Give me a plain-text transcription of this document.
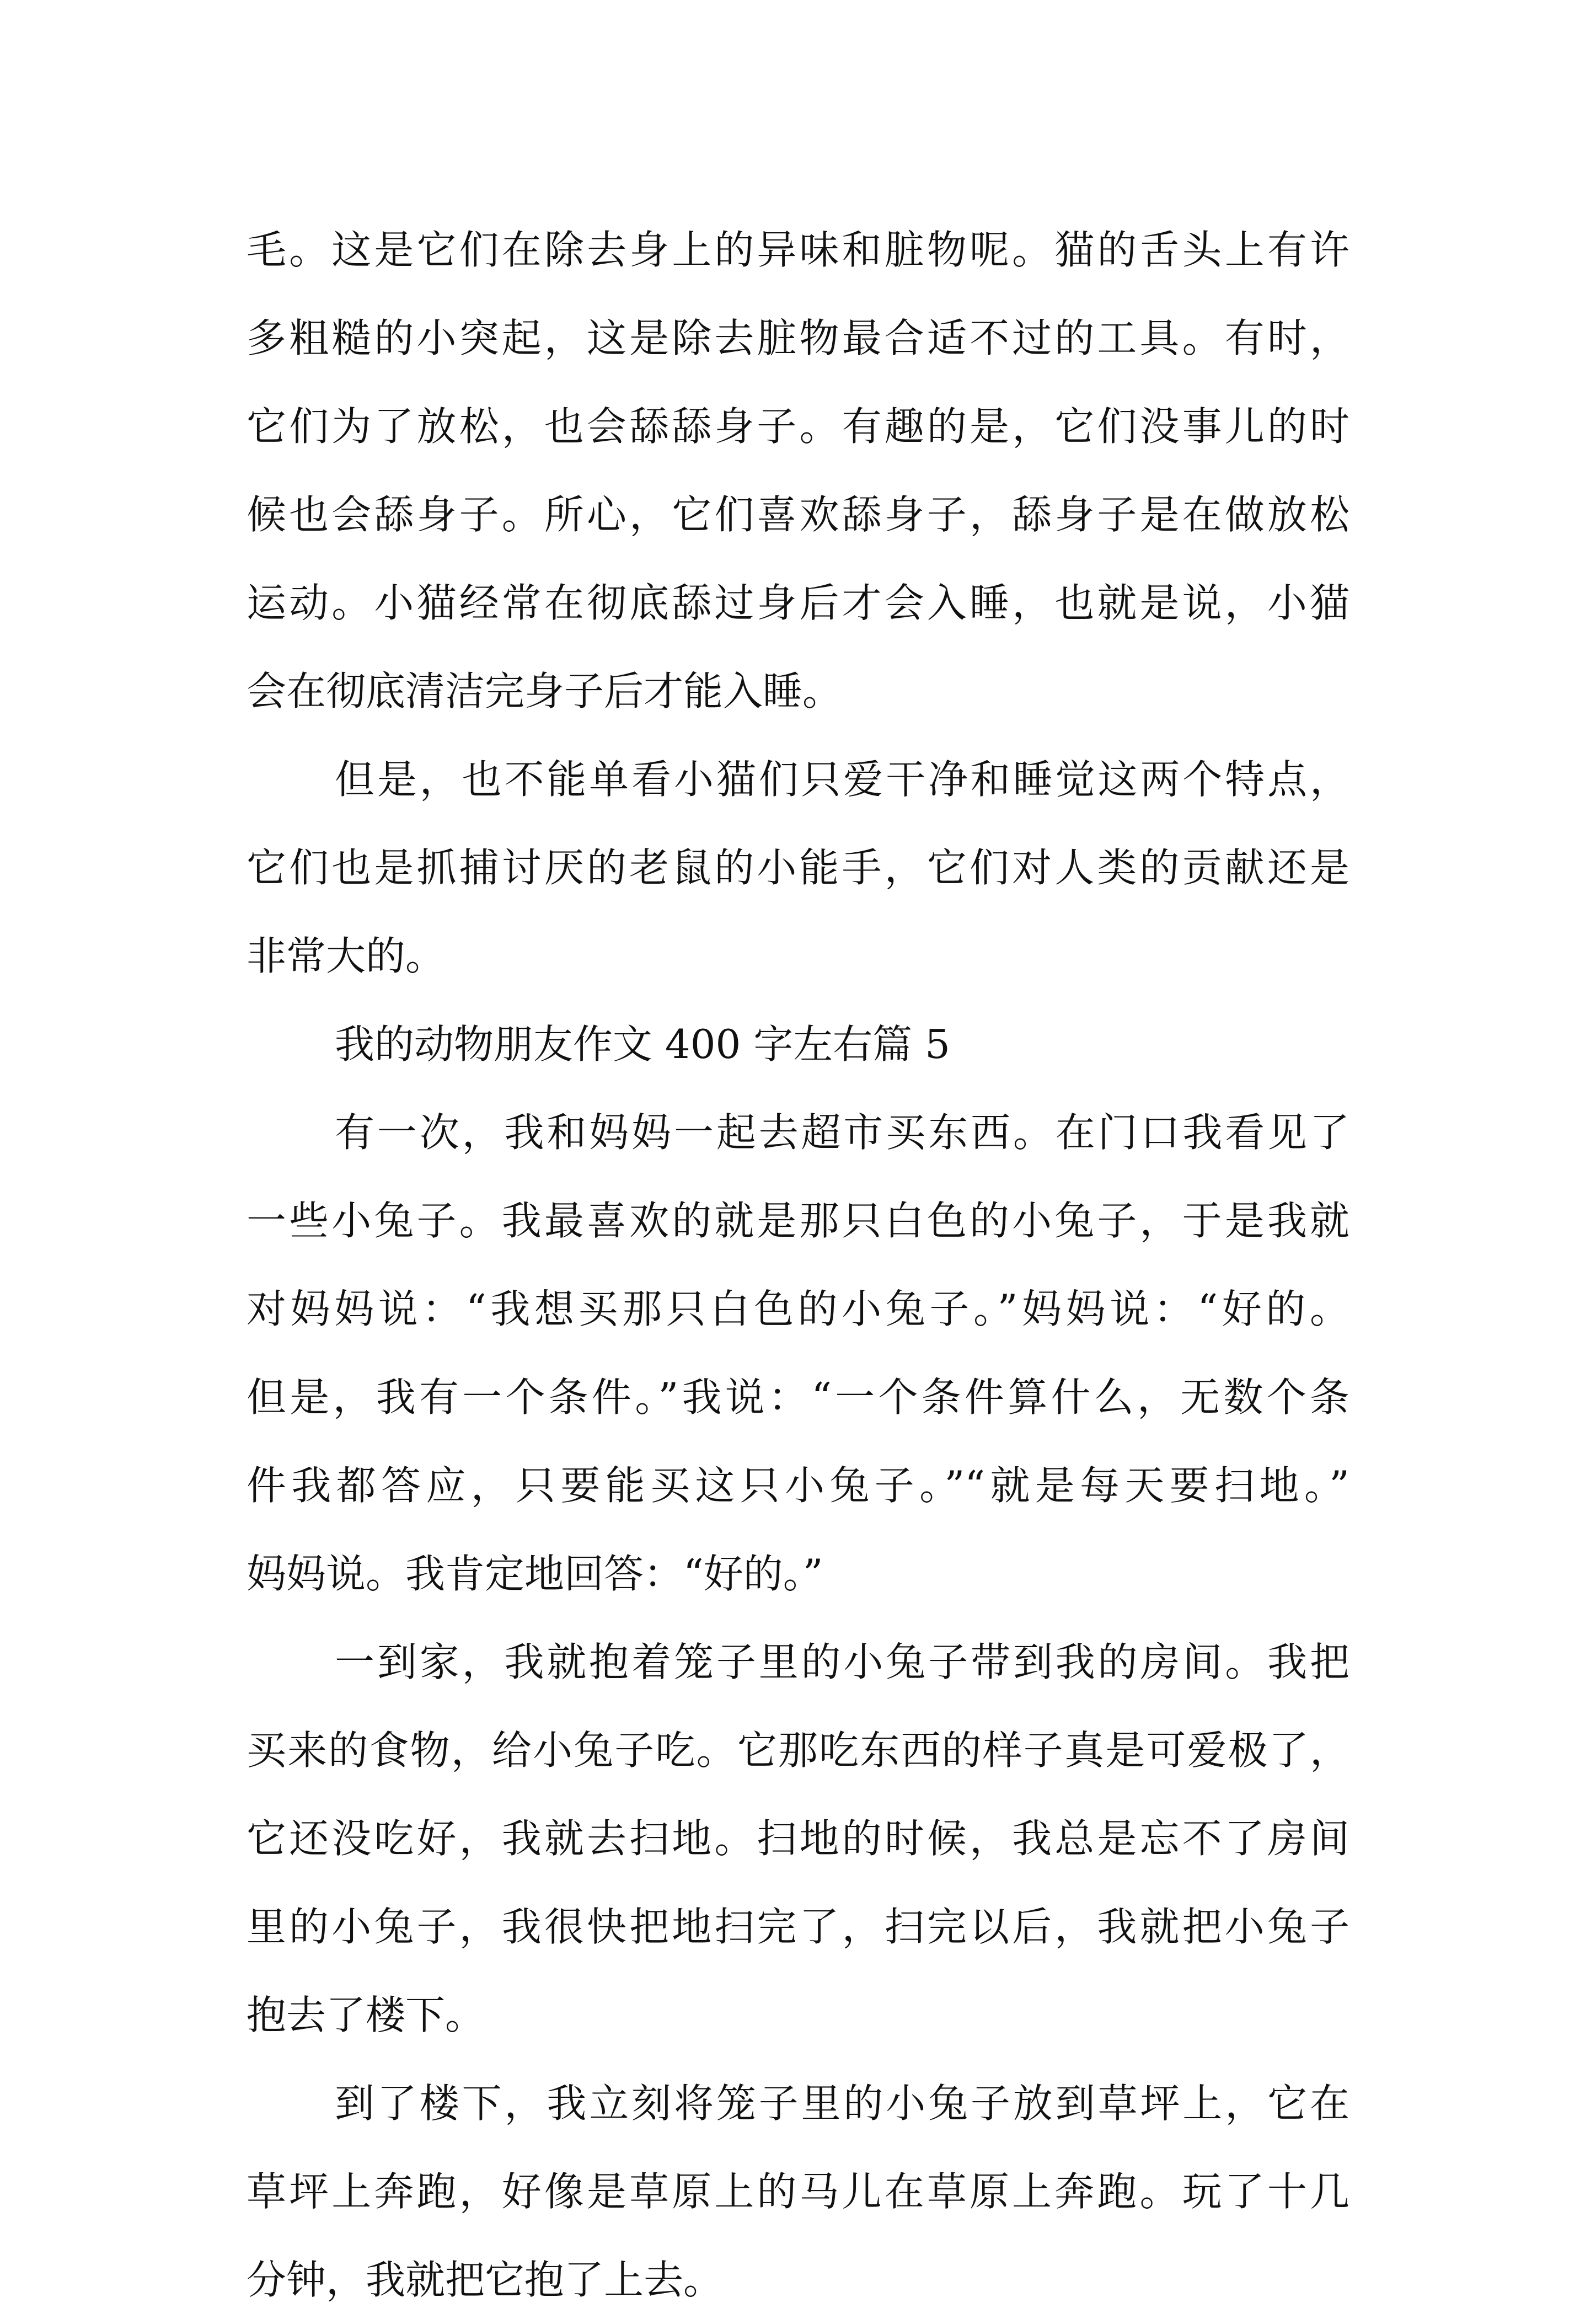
毛。这是它们在除去身上的异味和脏物呢。猫的舌头上有许
多粗糙的小突起，这是除去脏物最合适不过的工具。有时，
它们为了放松，也会舔舔身子。有趣的是，它们没事儿的时
候也会舔身子。所心，它们喜欢舔身子，舔身子是在做放松
运动。小猫经常在彻底舔过身后才会入睡，也就是说，小猫
会在彻底清洁完身子后才能入睡。
但是，也不能单看小猫们只爱干净和睡觉这两个特点，
它们也是抓捕讨厌的老鼠的小能手，它们对人类的贡献还是
非常大的。
我的动物朋友作文 400 字左右篇 5
有一次，我和妈妈一起去超市买东西。在门口我看见了
一些小兔子。我最喜欢的就是那只白色的小兔子，于是我就
对妈妈说：“我想买那只白色的小兔子。”妈妈说：“好的。
但是，我有一个条件。”我说：“一个条件算什么，无数个条
件我都答应，只要能买这只小兔子。”“就是每天要扫地。”
妈妈说。我肯定地回答：“好的。”
一到家，我就抱着笼子里的小兔子带到我的房间。我把
买来的食物，给小兔子吃。它那吃东西的样子真是可爱极了，
它还没吃好，我就去扫地。扫地的时候，我总是忘不了房间
里的小兔子，我很快把地扫完了，扫完以后，我就把小兔子
抱去了楼下。
到了楼下，我立刻将笼子里的小兔子放到草坪上，它在
草坪上奔跑，好像是草原上的马儿在草原上奔跑。玩了十几
分钟，我就把它抱了上去。
